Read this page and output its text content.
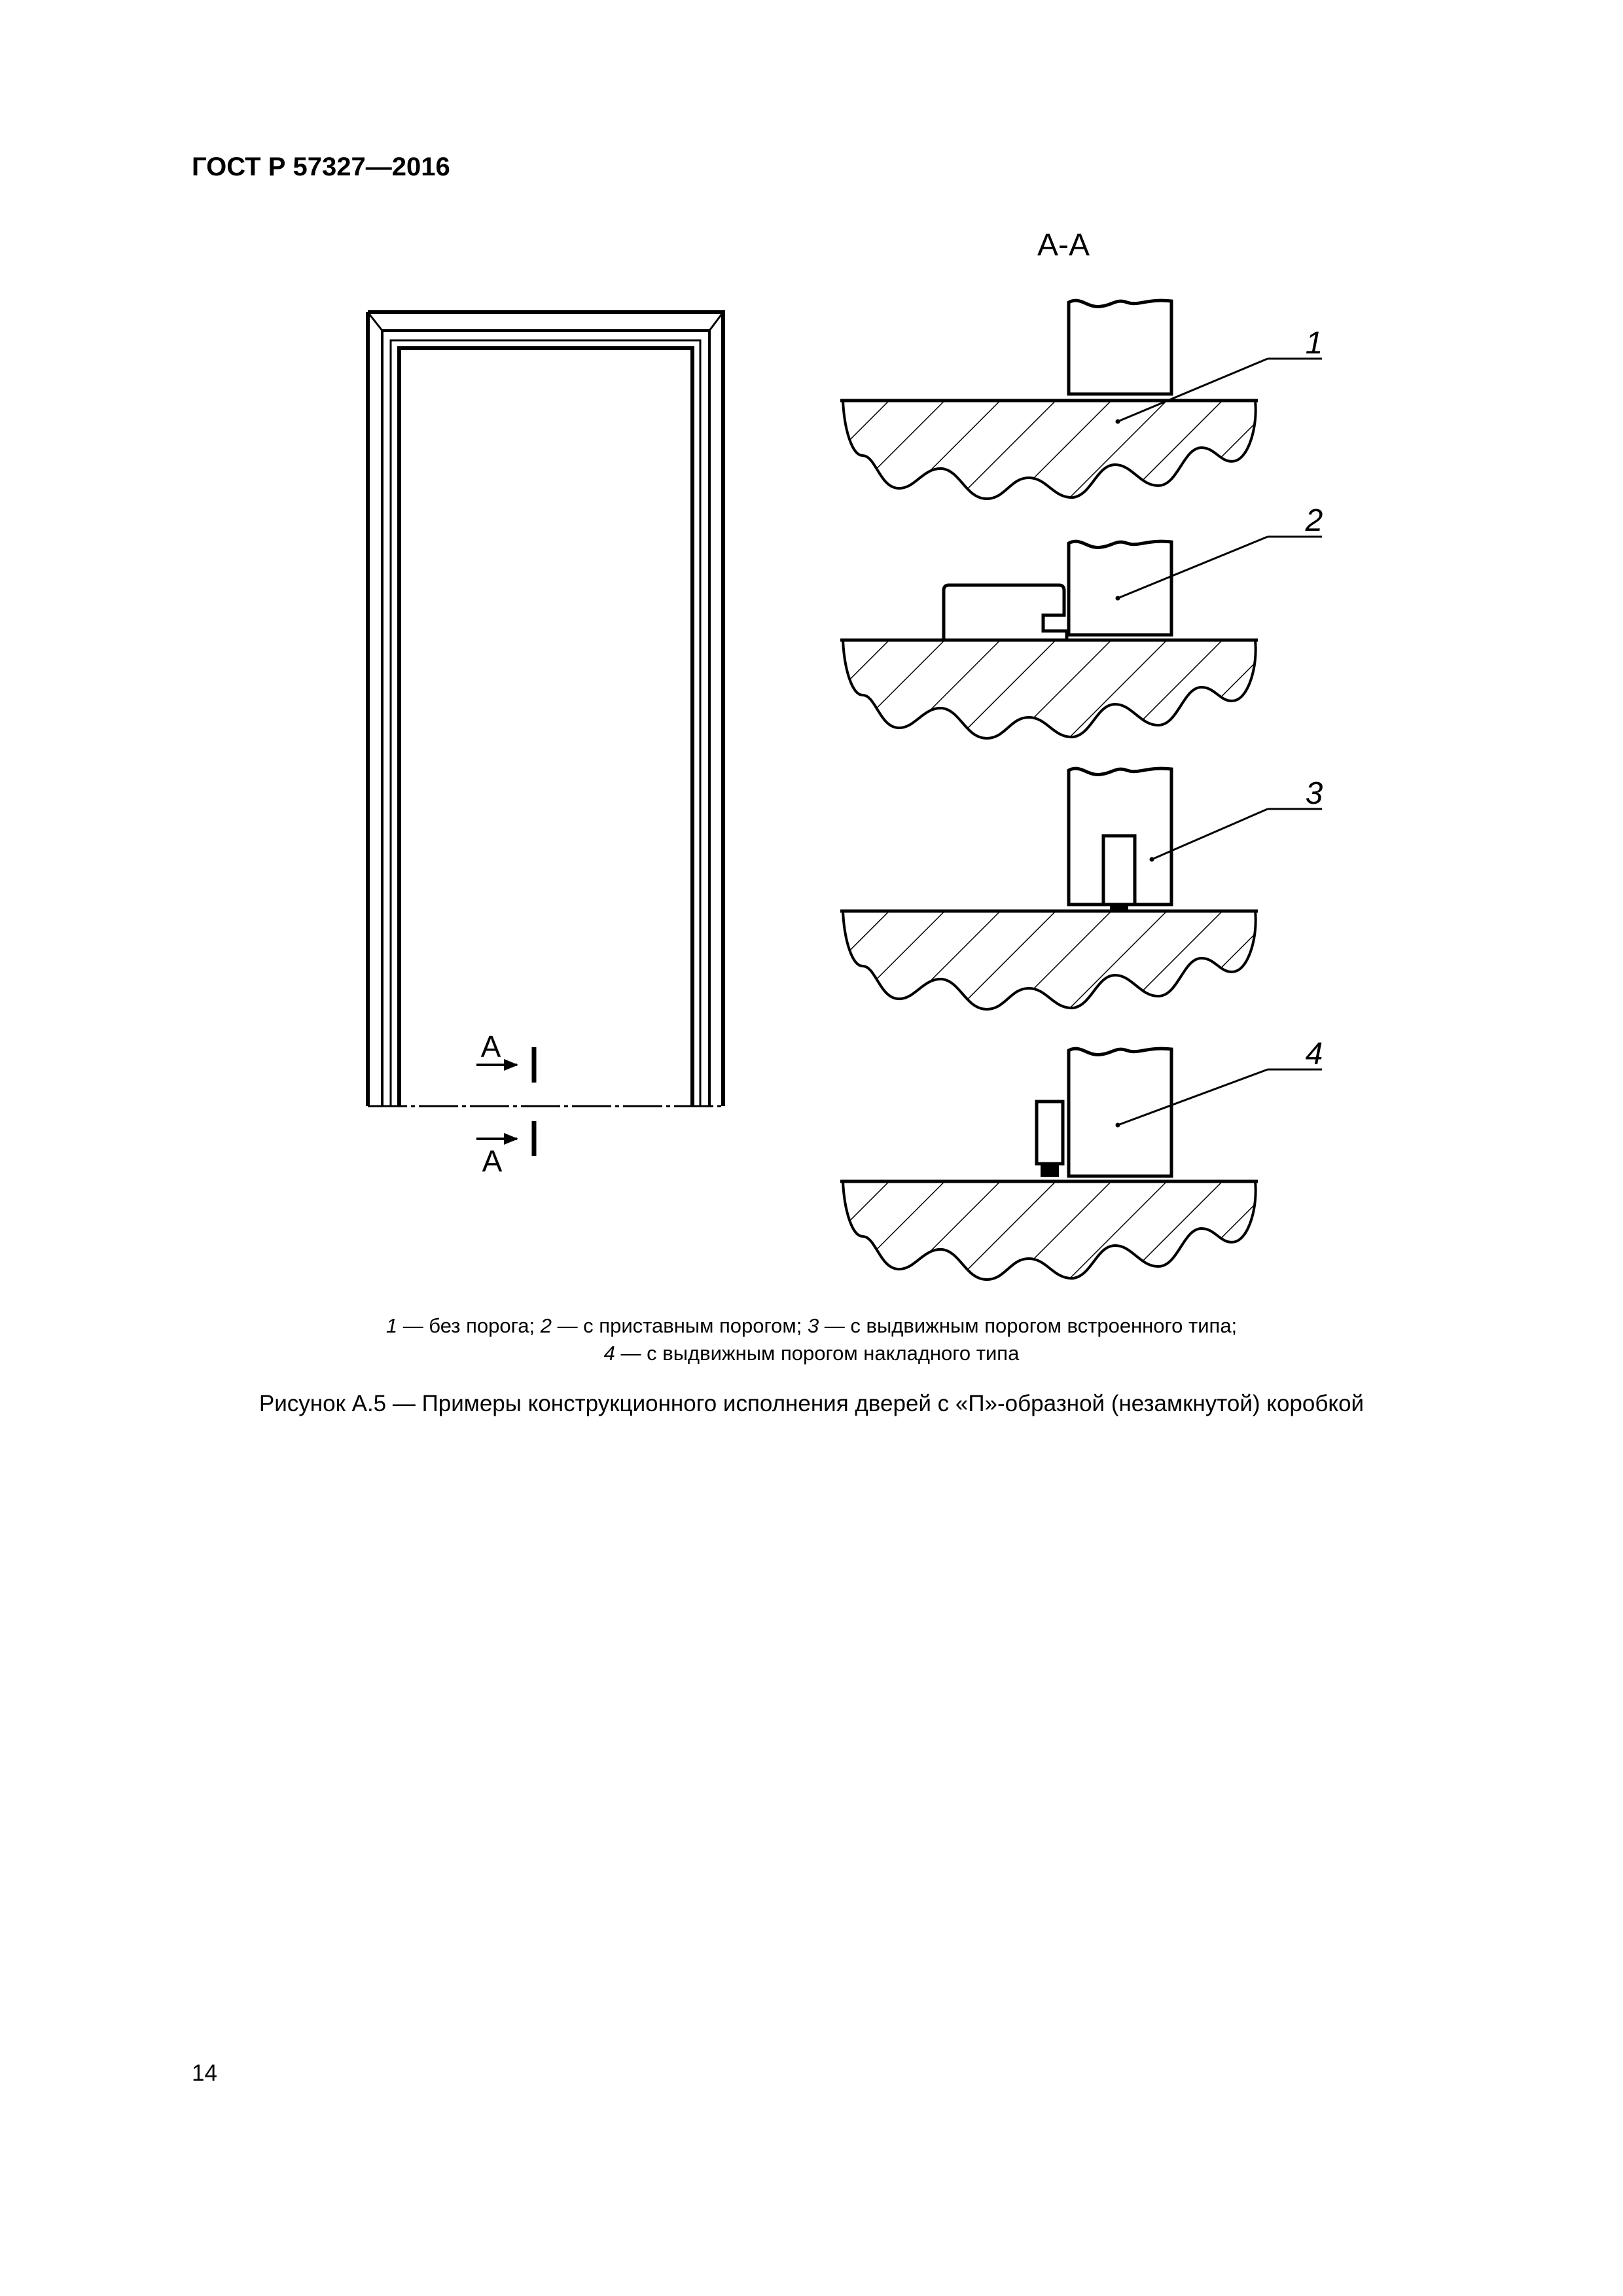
ГОСТ Р 57327—2016
А
А
А-А
1
2
3
4
1 — без порога; 2 — с приставным порогом; 3 — с выдвижным порогом встроенного типа;
4 — с выдвижным порогом накладного типа
Рисунок А.5 — Примеры конструкционного исполнения дверей с «П»-образной (незамкнутой) коробкой
14
